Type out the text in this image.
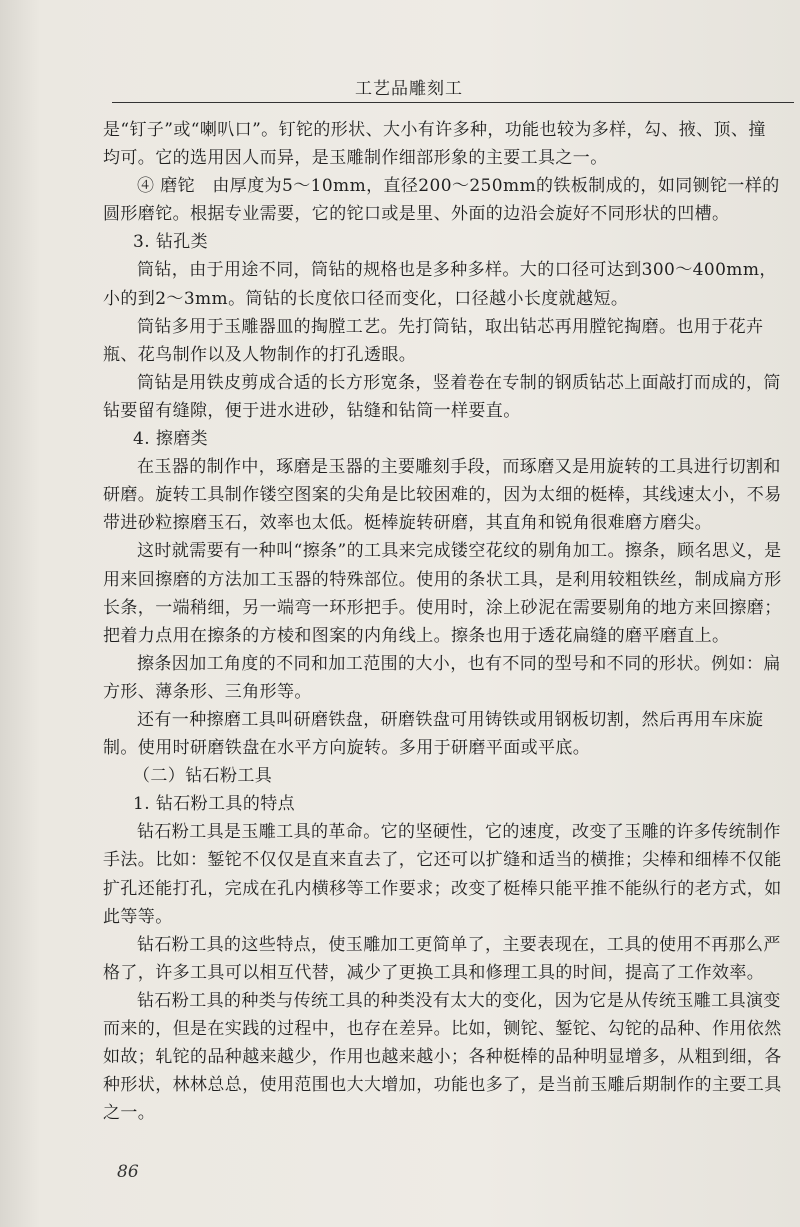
工艺品雕刻工

是“钉子”或“喇叭口”。钉铊的形状、大小有许多种，功能也较为多样，勾、掖、顶、撞均可。它的选用因人而异，是玉雕制作细部形象的主要工具之一。

④ 磨铊　由厚度为5～10mm，直径200～250mm的铁板制成的，如同铡铊一样的圆形磨铊。根据专业需要，它的铊口或是里、外面的边沿会旋好不同形状的凹槽。

3. 钻孔类

筒钻，由于用途不同，筒钻的规格也是多种多样。大的口径可达到300～400mm，小的到2～3mm。筒钻的长度依口径而变化，口径越小长度就越短。

筒钻多用于玉雕器皿的掏膛工艺。先打筒钻，取出钻芯再用膛铊掏磨。也用于花卉瓶、花鸟制作以及人物制作的打孔透眼。

筒钻是用铁皮剪成合适的长方形宽条，竖着卷在专制的钢质钻芯上面敲打而成的，筒钻要留有缝隙，便于进水进砂，钻缝和钻筒一样要直。

4. 擦磨类

在玉器的制作中，琢磨是玉器的主要雕刻手段，而琢磨又是用旋转的工具进行切割和研磨。旋转工具制作镂空图案的尖角是比较困难的，因为太细的梃棒，其线速太小，不易带进砂粒擦磨玉石，效率也太低。梃棒旋转研磨，其直角和锐角很难磨方磨尖。

这时就需要有一种叫“擦条”的工具来完成镂空花纹的剔角加工。擦条，顾名思义，是用来回擦磨的方法加工玉器的特殊部位。使用的条状工具，是利用较粗铁丝，制成扁方形长条，一端稍细，另一端弯一环形把手。使用时，涂上砂泥在需要剔角的地方来回擦磨；把着力点用在擦条的方棱和图案的内角线上。擦条也用于透花扁缝的磨平磨直上。

擦条因加工角度的不同和加工范围的大小，也有不同的型号和不同的形状。例如：扁方形、薄条形、三角形等。

还有一种擦磨工具叫研磨铁盘，研磨铁盘可用铸铁或用钢板切割，然后再用车床旋制。使用时研磨铁盘在水平方向旋转。多用于研磨平面或平底。

（二）钻石粉工具

1. 钻石粉工具的特点

钻石粉工具是玉雕工具的革命。它的坚硬性，它的速度，改变了玉雕的许多传统制作手法。比如：錾铊不仅仅是直来直去了，它还可以扩缝和适当的横推；尖棒和细棒不仅能扩孔还能打孔，完成在孔内横移等工作要求；改变了梃棒只能平推不能纵行的老方式，如此等等。

钻石粉工具的这些特点，使玉雕加工更简单了，主要表现在，工具的使用不再那么严格了，许多工具可以相互代替，减少了更换工具和修理工具的时间，提高了工作效率。

钻石粉工具的种类与传统工具的种类没有太大的变化，因为它是从传统玉雕工具演变而来的，但是在实践的过程中，也存在差异。比如，铡铊、錾铊、勾铊的品种、作用依然如故；轧铊的品种越来越少，作用也越来越小；各种梃棒的品种明显增多，从粗到细，各种形状，林林总总，使用范围也大大增加，功能也多了，是当前玉雕后期制作的主要工具之一。

86
